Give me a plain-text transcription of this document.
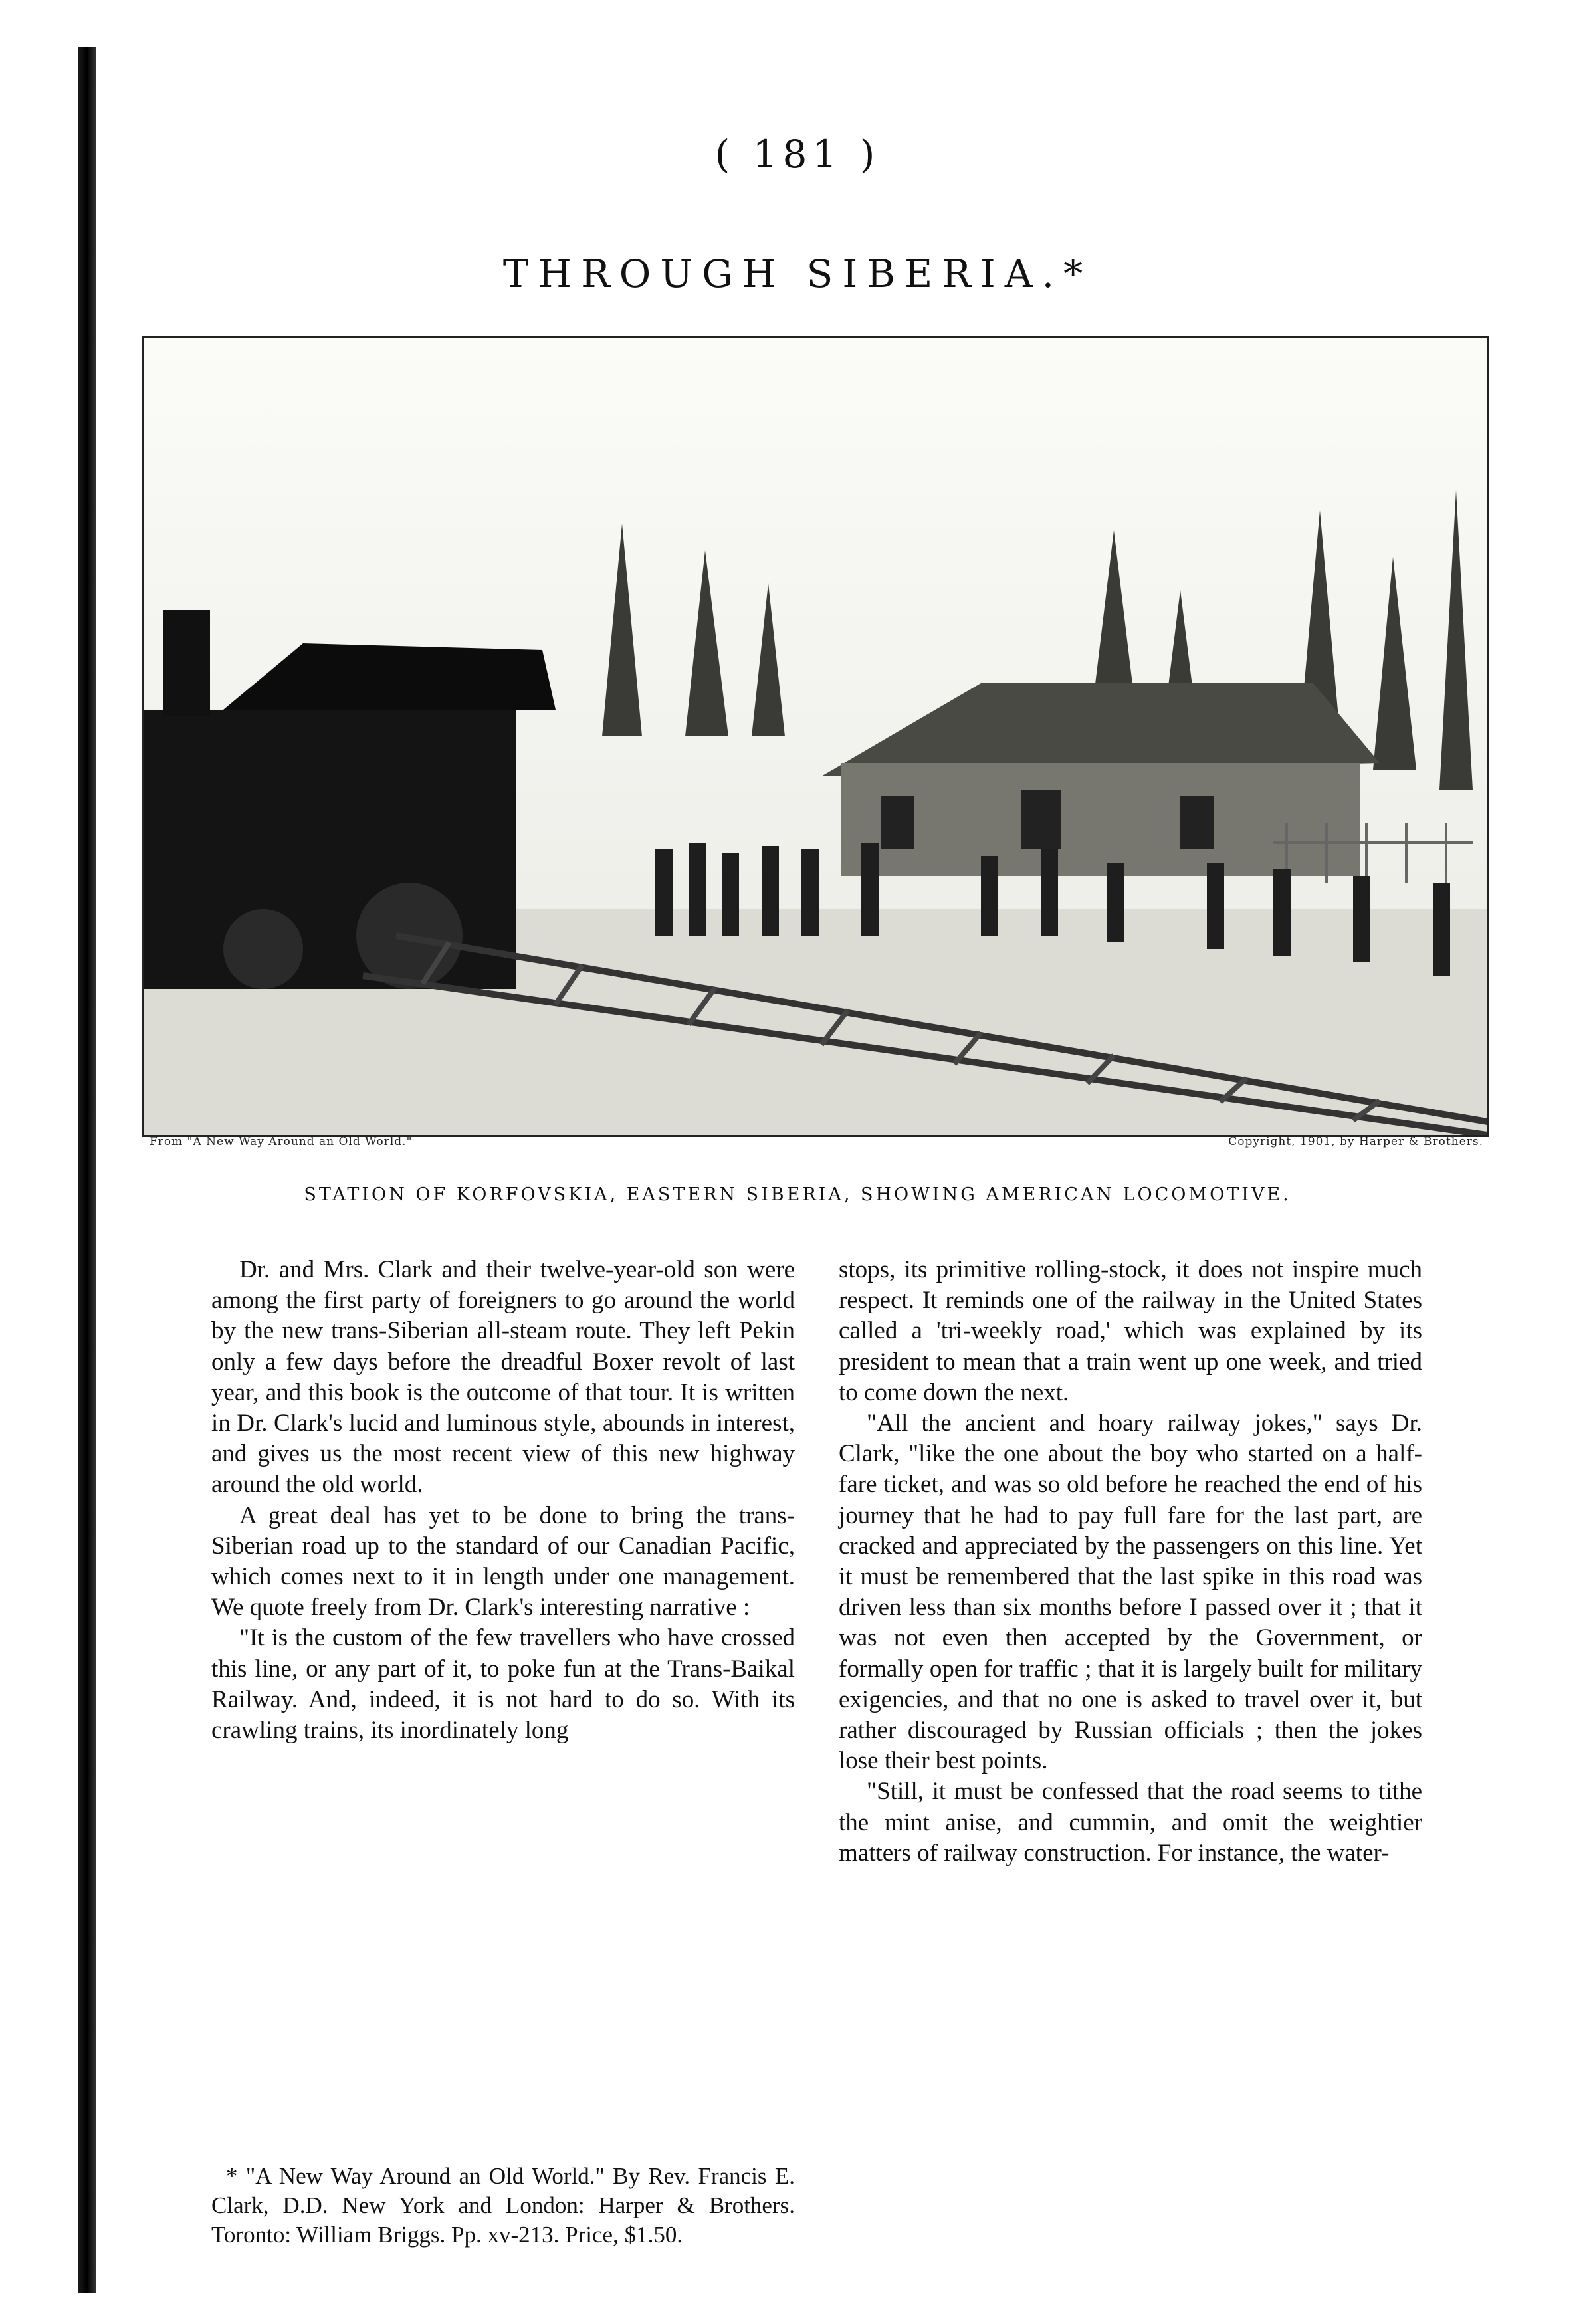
( 181 )
THROUGH SIBERIA.*
From "A New Way Around an Old World."	Copyright, 1901, by Harper & Brothers.
STATION OF KORFOVSKIA, EASTERN SIBERIA, SHOWING AMERICAN LOCOMOTIVE.

Dr. and Mrs. Clark and their twelve-year-old son were among the first party of foreigners to go around the world by the new trans-Siberian all-steam route. They left Pekin only a few days before the dreadful Boxer revolt of last year, and this book is the outcome of that tour. It is written in Dr. Clark's lucid and luminous style, abounds in interest, and gives us the most recent view of this new highway around the old world.

A great deal has yet to be done to bring the trans-Siberian road up to the standard of our Canadian Pacific, which comes next to it in length under one management. We quote freely from Dr. Clark's interesting narrative :

"It is the custom of the few travellers who have crossed this line, or any part of it, to poke fun at the Trans-Baikal Railway. And, indeed, it is not hard to do so. With its crawling trains, its inordinately long

stops, its primitive rolling-stock, it does not inspire much respect. It reminds one of the railway in the United States called a 'tri-weekly road,' which was explained by its president to mean that a train went up one week, and tried to come down the next.

"All the ancient and hoary railway jokes," says Dr. Clark, "like the one about the boy who started on a half-fare ticket, and was so old before he reached the end of his journey that he had to pay full fare for the last part, are cracked and appreciated by the passengers on this line. Yet it must be remembered that the last spike in this road was driven less than six months before I passed over it ; that it was not even then accepted by the Government, or formally open for traffic ; that it is largely built for military exigencies, and that no one is asked to travel over it, but rather discouraged by Russian officials ; then the jokes lose their best points.

"Still, it must be confessed that the road seems to tithe the mint anise, and cummin, and omit the weightier matters of railway construction. For instance, the water-

* "A New Way Around an Old World." By Rev. Francis E. Clark, D.D. New York and London: Harper & Brothers. Toronto: William Briggs. Pp. xv-213. Price, $1.50.
